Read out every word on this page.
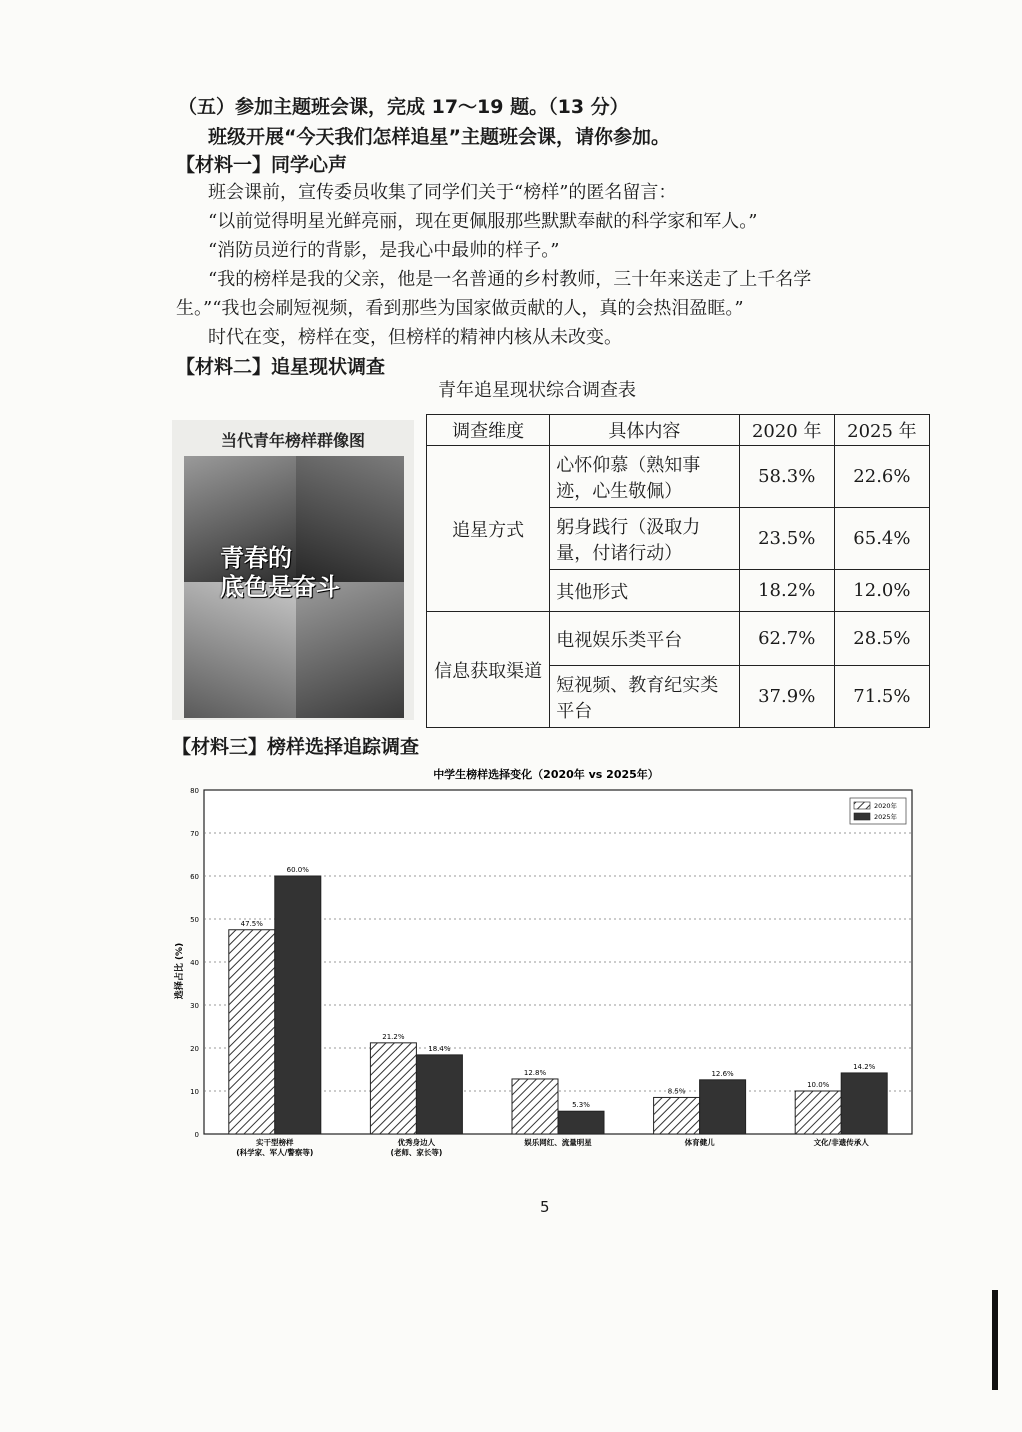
（五）参加主题班会课，完成 17～19 题。（13 分）
班级开展“今天我们怎样追星”主题班会课，请你参加。
【材料一】同学心声
班会课前，宣传委员收集了同学们关于“榜样”的匿名留言：
“以前觉得明星光鲜亮丽，现在更佩服那些默默奉献的科学家和军人。”
“消防员逆行的背影，是我心中最帅的样子。”
“我的榜样是我的父亲，他是一名普通的乡村教师，三十年来送走了上千名学
生。”“我也会刷短视频，看到那些为国家做贡献的人，真的会热泪盈眶。”
时代在变，榜样在变，但榜样的精神内核从未改变。
【材料二】追星现状调查
青年追星现状综合调查表
当代青年榜样群像图
青春的
底色是奋斗
调查维度	具体内容	2020 年	2025 年
追星方式	心怀仰慕（熟知事迹，心生敬佩）	58.3%	22.6%
	躬身践行（汲取力量，付诸行动）	23.5%	65.4%
	其他形式	18.2%	12.0%
信息获取渠道	电视娱乐类平台	62.7%	28.5%
	短视频、教育纪实类平台	37.9%	71.5%
【材料三】榜样选择追踪调查
中学生榜样选择变化（2020年 vs 2025年）
选择占比 (%)
0
10
20
30
40
50
60
70
80
47.5%
60.0%
实干型榜样
(科学家、军人/警察等)
21.2%
18.4%
优秀身边人
(老师、家长等)
12.8%
5.3%
娱乐网红、流量明星
8.5%
12.6%
体育健儿
10.0%
14.2%
文化/非遗传承人
2020年
2025年
5
